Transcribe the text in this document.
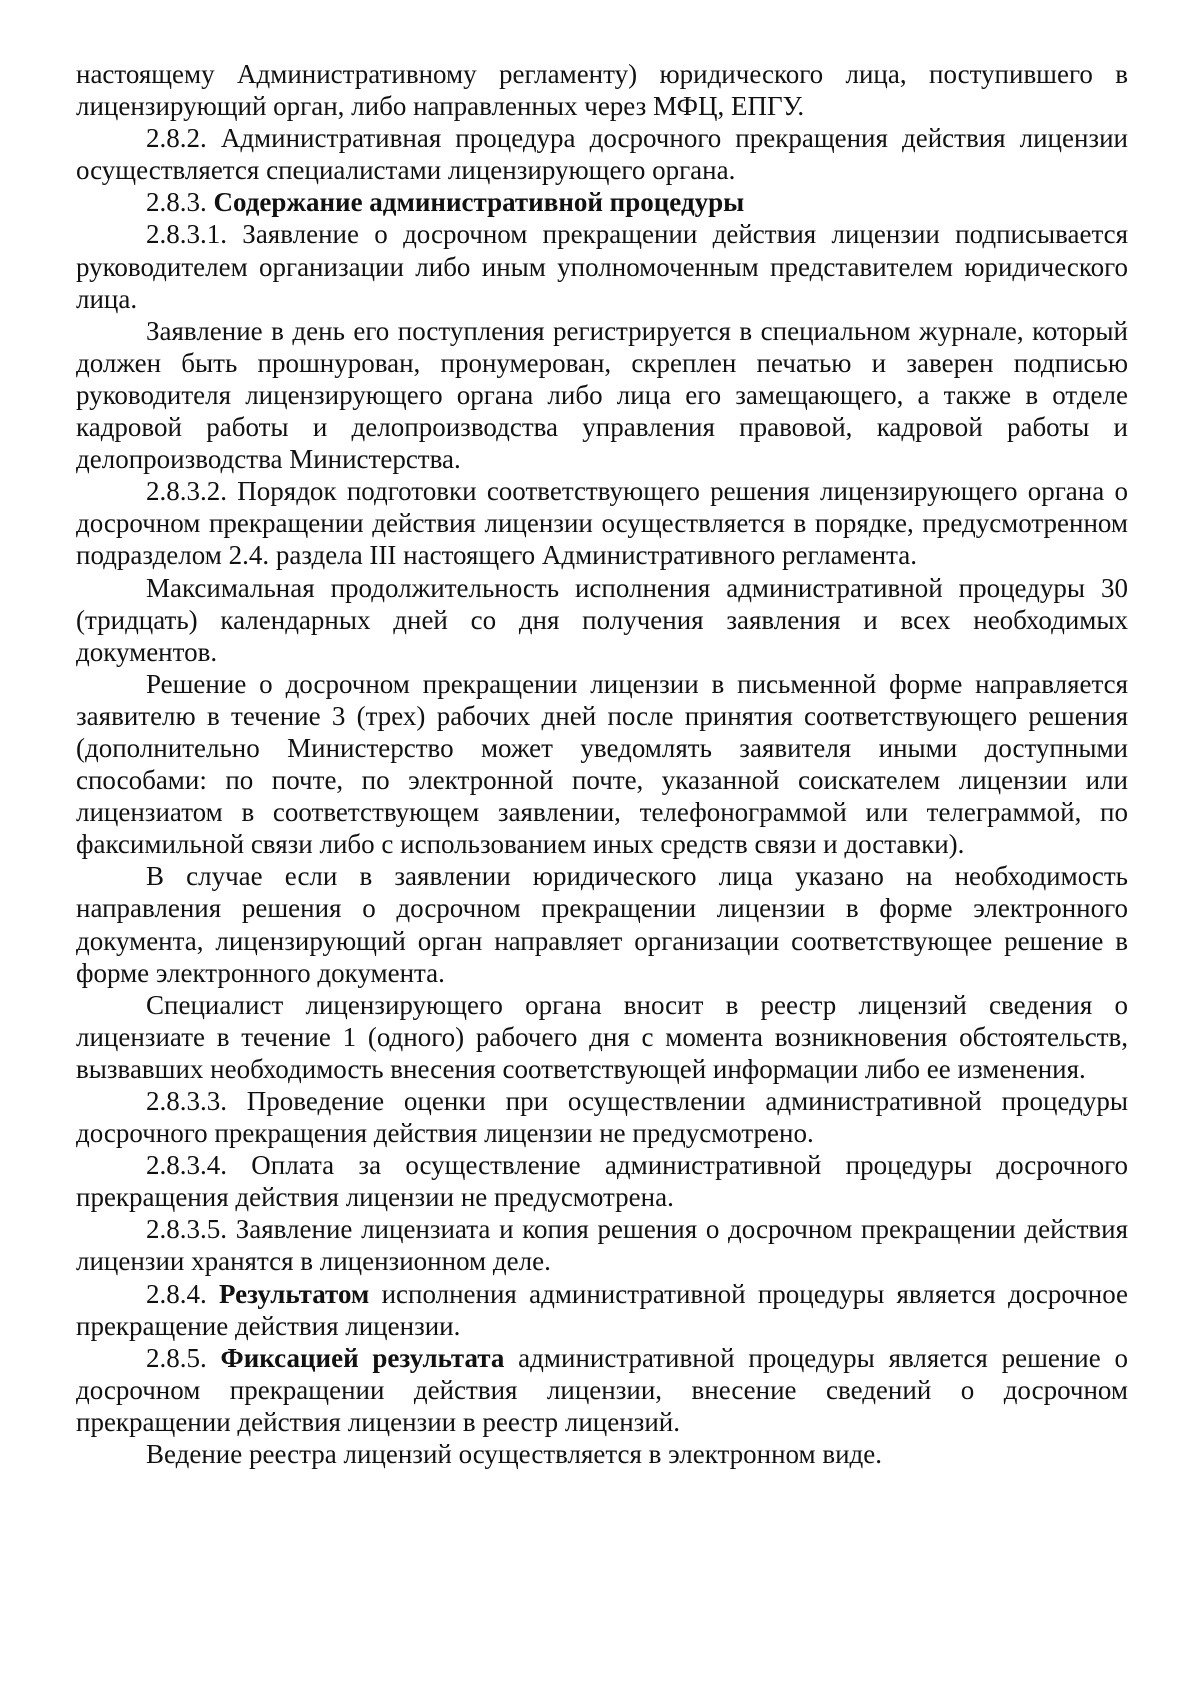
настоящему Административному регламенту) юридического лица, поступившего в лицензирующий орган, либо направленных через МФЦ, ЕПГУ.

2.8.2. Административная процедура досрочного прекращения действия лицензии осуществляется специалистами лицензирующего органа.

2.8.3. Содержание административной процедуры

2.8.3.1. Заявление о досрочном прекращении действия лицензии подписывается руководителем организации либо иным уполномоченным представителем юридического лица.

Заявление в день его поступления регистрируется в специальном журнале, который должен быть прошнурован, пронумерован, скреплен печатью и заверен подписью руководителя лицензирующего органа либо лица его замещающего, а также в отделе кадровой работы и делопроизводства управления правовой, кадровой работы и делопроизводства Министерства.

2.8.3.2. Порядок подготовки соответствующего решения лицензирующего органа о досрочном прекращении действия лицензии осуществляется в порядке, предусмотренном подразделом 2.4. раздела III настоящего Административного регламента.

Максимальная продолжительность исполнения административной процедуры 30 (тридцать) календарных дней со дня получения заявления и всех необходимых документов.

Решение о досрочном прекращении лицензии в письменной форме направляется заявителю в течение 3 (трех) рабочих дней после принятия соответствующего решения (дополнительно Министерство может уведомлять заявителя иными доступными способами: по почте, по электронной почте, указанной соискателем лицензии или лицензиатом в соответствующем заявлении, телефонограммой или телеграммой, по факсимильной связи либо с использованием иных средств связи и доставки).

В случае если в заявлении юридического лица указано на необходимость направления решения о досрочном прекращении лицензии в форме электронного документа, лицензирующий орган направляет организации соответствующее решение в форме электронного документа.

Специалист лицензирующего органа вносит в реестр лицензий сведения о лицензиате в течение 1 (одного) рабочего дня с момента возникновения обстоятельств, вызвавших необходимость внесения соответствующей информации либо ее изменения.

2.8.3.3. Проведение оценки при осуществлении административной процедуры досрочного прекращения действия лицензии не предусмотрено.

2.8.3.4. Оплата за осуществление административной процедуры досрочного прекращения действия лицензии не предусмотрена.

2.8.3.5. Заявление лицензиата и копия решения о досрочном прекращении действия лицензии хранятся в лицензионном деле.

2.8.4. Результатом исполнения административной процедуры является досрочное прекращение действия лицензии.

2.8.5. Фиксацией результата административной процедуры является решение о досрочном прекращении действия лицензии, внесение сведений о досрочном прекращении действия лицензии в реестр лицензий.

Ведение реестра лицензий осуществляется в электронном виде.
